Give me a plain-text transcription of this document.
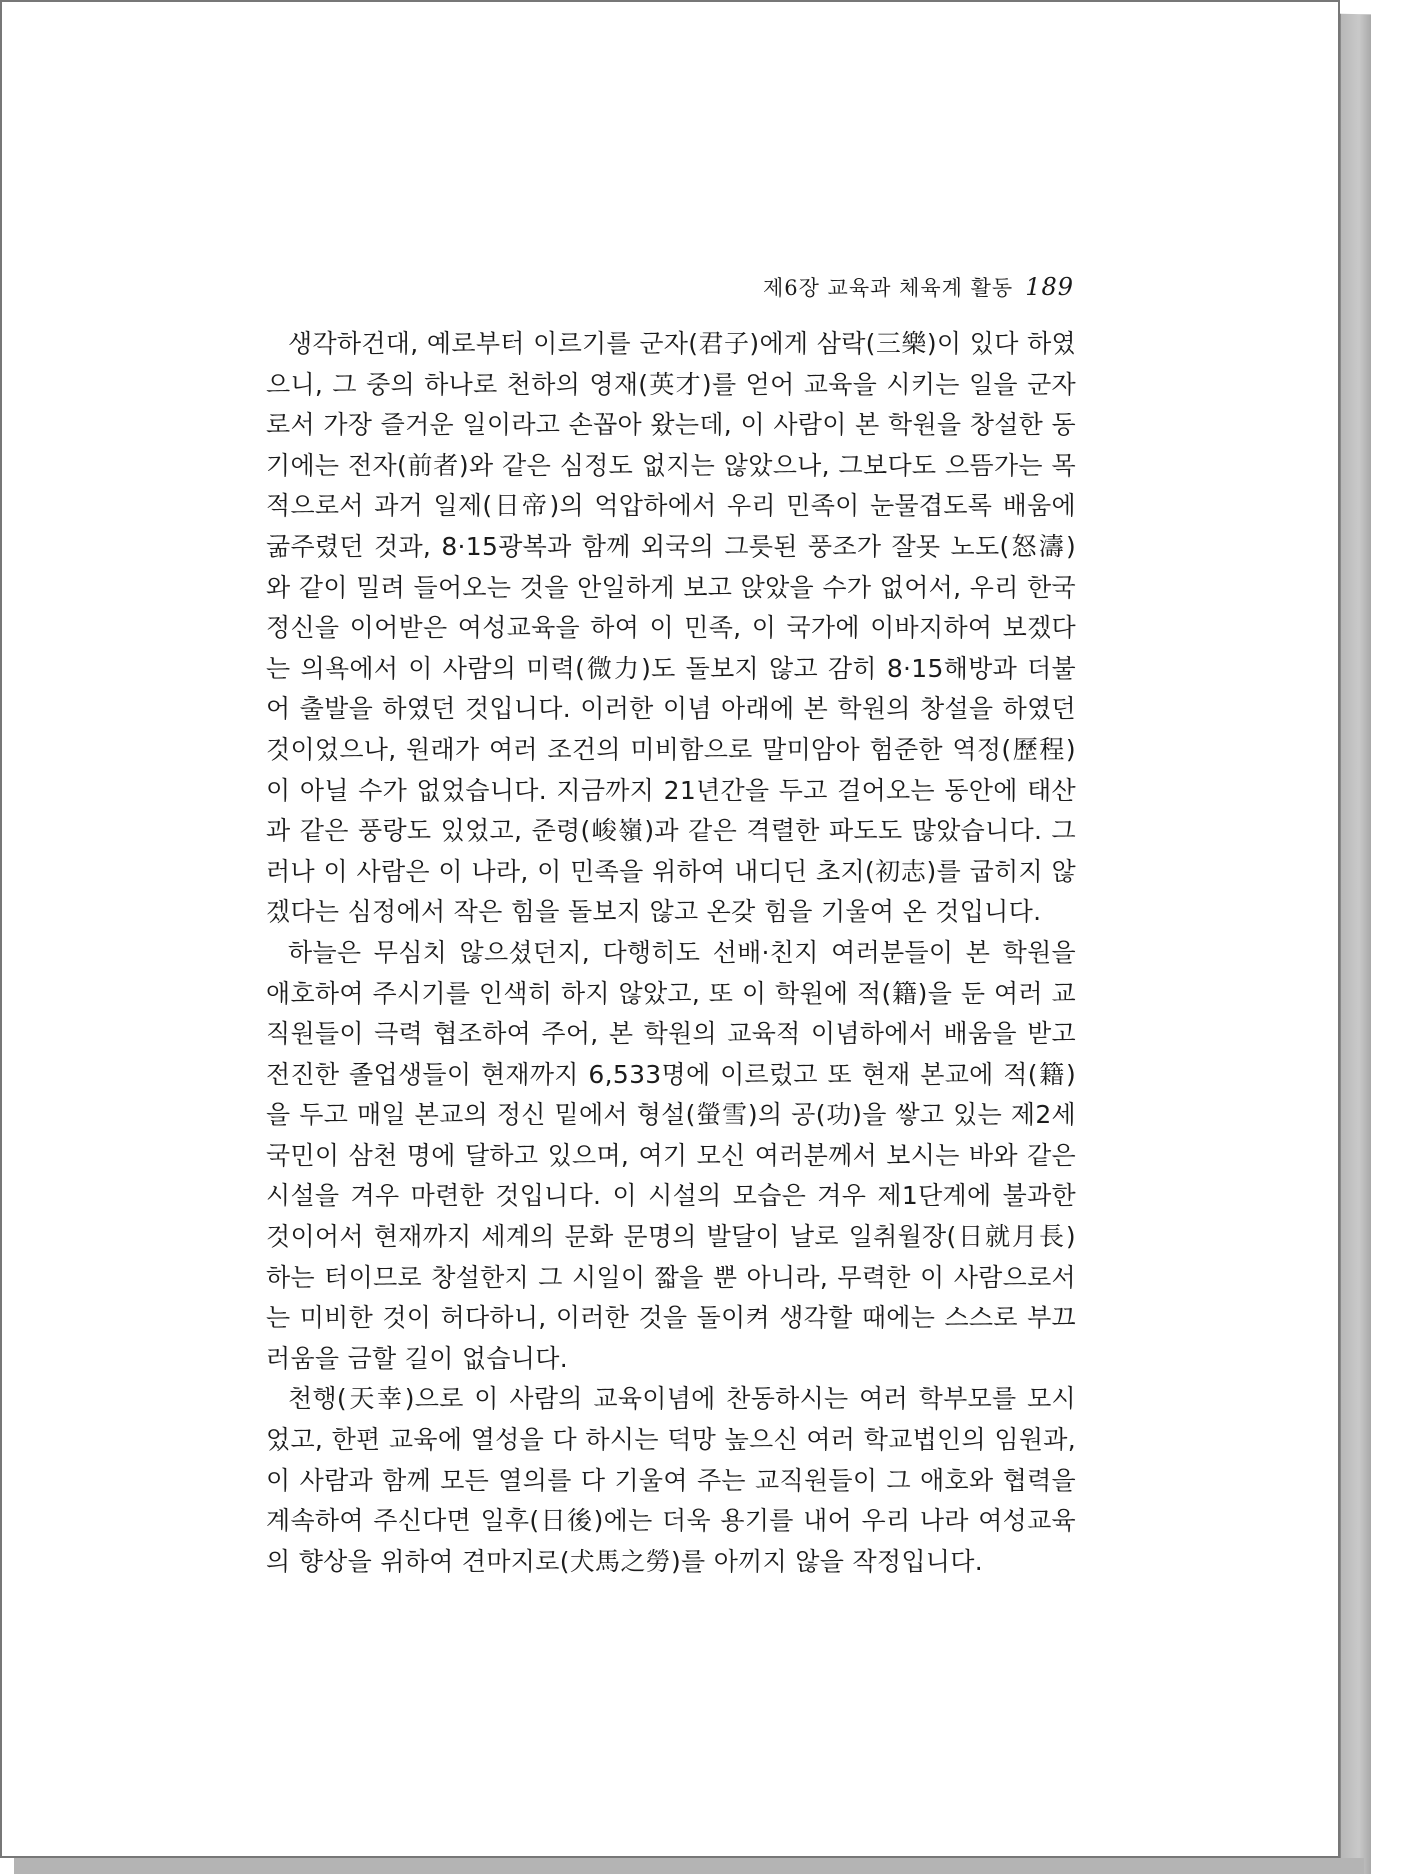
제6장 교육과 체육계 활동 189

생각하건대, 예로부터 이르기를 군자(君子)에게 삼락(三樂)이 있다 하였으니, 그 중의 하나로 천하의 영재(英才)를 얻어 교육을 시키는 일을 군자로서 가장 즐거운 일이라고 손꼽아 왔는데, 이 사람이 본 학원을 창설한 동기에는 전자(前者)와 같은 심정도 없지는 않았으나, 그보다도 으뜸가는 목적으로서 과거 일제(日帝)의 억압하에서 우리 민족이 눈물겹도록 배움에 굶주렸던 것과, 8·15광복과 함께 외국의 그릇된 풍조가 잘못 노도(怒濤)와 같이 밀려 들어오는 것을 안일하게 보고 앉았을 수가 없어서, 우리 한국정신을 이어받은 여성교육을 하여 이 민족, 이 국가에 이바지하여 보겠다는 의욕에서 이 사람의 미력(微力)도 돌보지 않고 감히 8·15해방과 더불어 출발을 하였던 것입니다. 이러한 이념 아래에 본 학원의 창설을 하였던 것이었으나, 원래가 여러 조건의 미비함으로 말미암아 험준한 역정(歷程)이 아닐 수가 없었습니다. 지금까지 21년간을 두고 걸어오는 동안에 태산과 같은 풍랑도 있었고, 준령(峻嶺)과 같은 격렬한 파도도 많았습니다. 그러나 이 사람은 이 나라, 이 민족을 위하여 내디딘 초지(初志)를 굽히지 않겠다는 심정에서 작은 힘을 돌보지 않고 온갖 힘을 기울여 온 것입니다.

하늘은 무심치 않으셨던지, 다행히도 선배·친지 여러분들이 본 학원을 애호하여 주시기를 인색히 하지 않았고, 또 이 학원에 적(籍)을 둔 여러 교직원들이 극력 협조하여 주어, 본 학원의 교육적 이념하에서 배움을 받고 전진한 졸업생들이 현재까지 6,533명에 이르렀고 또 현재 본교에 적(籍)을 두고 매일 본교의 정신 밑에서 형설(螢雪)의 공(功)을 쌓고 있는 제2세 국민이 삼천 명에 달하고 있으며, 여기 모신 여러분께서 보시는 바와 같은 시설을 겨우 마련한 것입니다. 이 시설의 모습은 겨우 제1단계에 불과한 것이어서 현재까지 세계의 문화 문명의 발달이 날로 일취월장(日就月長)하는 터이므로 창설한지 그 시일이 짧을 뿐 아니라, 무력한 이 사람으로서는 미비한 것이 허다하니, 이러한 것을 돌이켜 생각할 때에는 스스로 부끄러움을 금할 길이 없습니다.

천행(天幸)으로 이 사람의 교육이념에 찬동하시는 여러 학부모를 모시었고, 한편 교육에 열성을 다 하시는 덕망 높으신 여러 학교법인의 임원과, 이 사람과 함께 모든 열의를 다 기울여 주는 교직원들이 그 애호와 협력을 계속하여 주신다면 일후(日後)에는 더욱 용기를 내어 우리 나라 여성교육의 향상을 위하여 견마지로(犬馬之勞)를 아끼지 않을 작정입니다.
